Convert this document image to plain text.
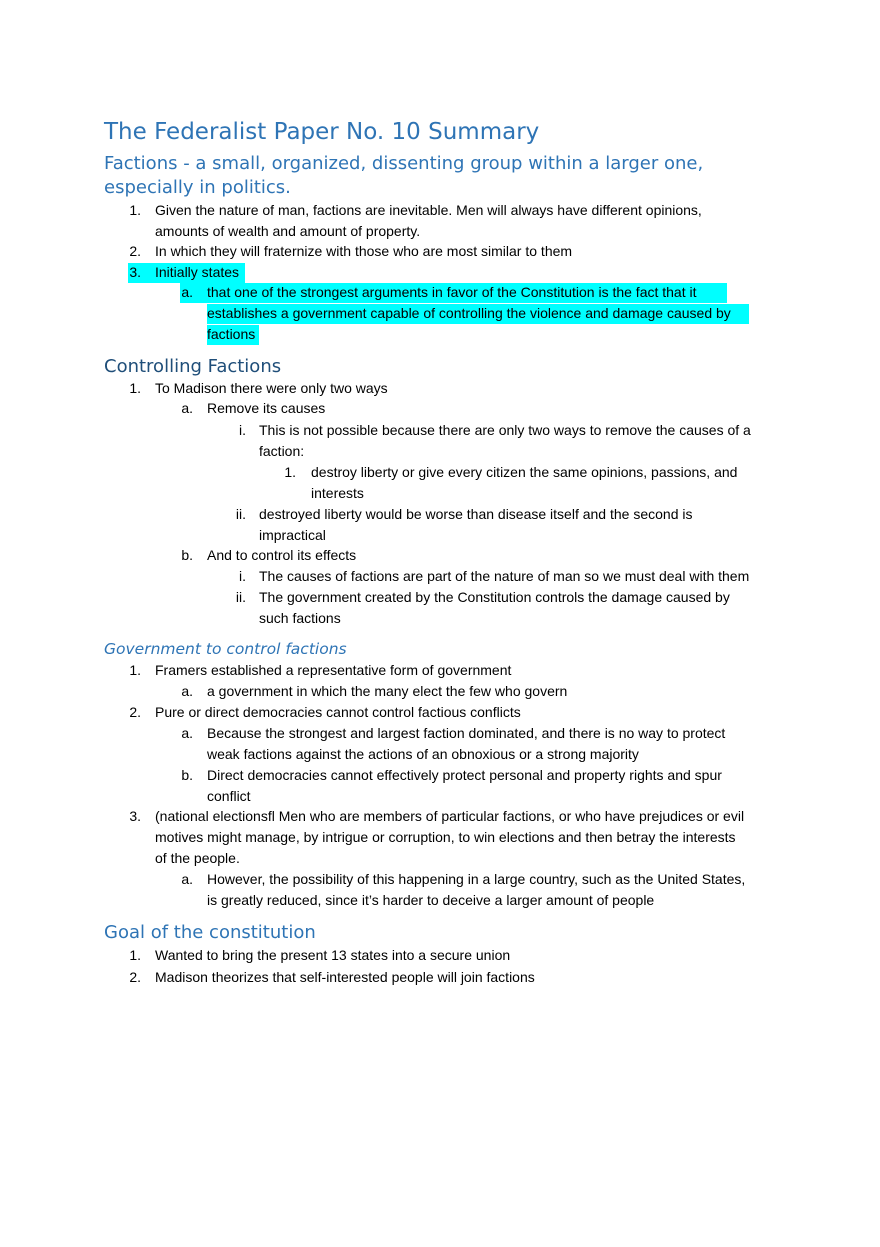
The Federalist Paper No. 10 Summary
Factions - a small, organized, dissenting group within a larger one, especially in politics.
1. Given the nature of man, factions are inevitable. Men will always have different opinions,
amounts of wealth and amount of property.
2. In which they will fraternize with those who are most similar to them
3. Initially states
a. that one of the strongest arguments in favor of the Constitution is the fact that it
establishes a government capable of controlling the violence and damage caused by
factions
Controlling Factions
1. To Madison there were only two ways
a. Remove its causes
i. This is not possible because there are only two ways to remove the causes of a
faction:
1. destroy liberty or give every citizen the same opinions, passions, and
interests
ii. destroyed liberty would be worse than disease itself and the second is
impractical
b. And to control its effects
i. The causes of factions are part of the nature of man so we must deal with them
ii. The government created by the Constitution controls the damage caused by
such factions
Government to control factions
1. Framers established a representative form of government
a. a government in which the many elect the few who govern
2. Pure or direct democracies cannot control factious conflicts
a. Because the strongest and largest faction dominated, and there is no way to protect
weak factions against the actions of an obnoxious or a strong majority
b. Direct democracies cannot effectively protect personal and property rights and spur
conflict
3. (national electionsfl Men who are members of particular factions, or who have prejudices or evil
motives might manage, by intrigue or corruption, to win elections and then betray the interests
of the people.
a. However, the possibility of this happening in a large country, such as the United States,
is greatly reduced, since it’s harder to deceive a larger amount of people
Goal of the constitution
1. Wanted to bring the present 13 states into a secure union
2. Madison theorizes that self-interested people will join factions
